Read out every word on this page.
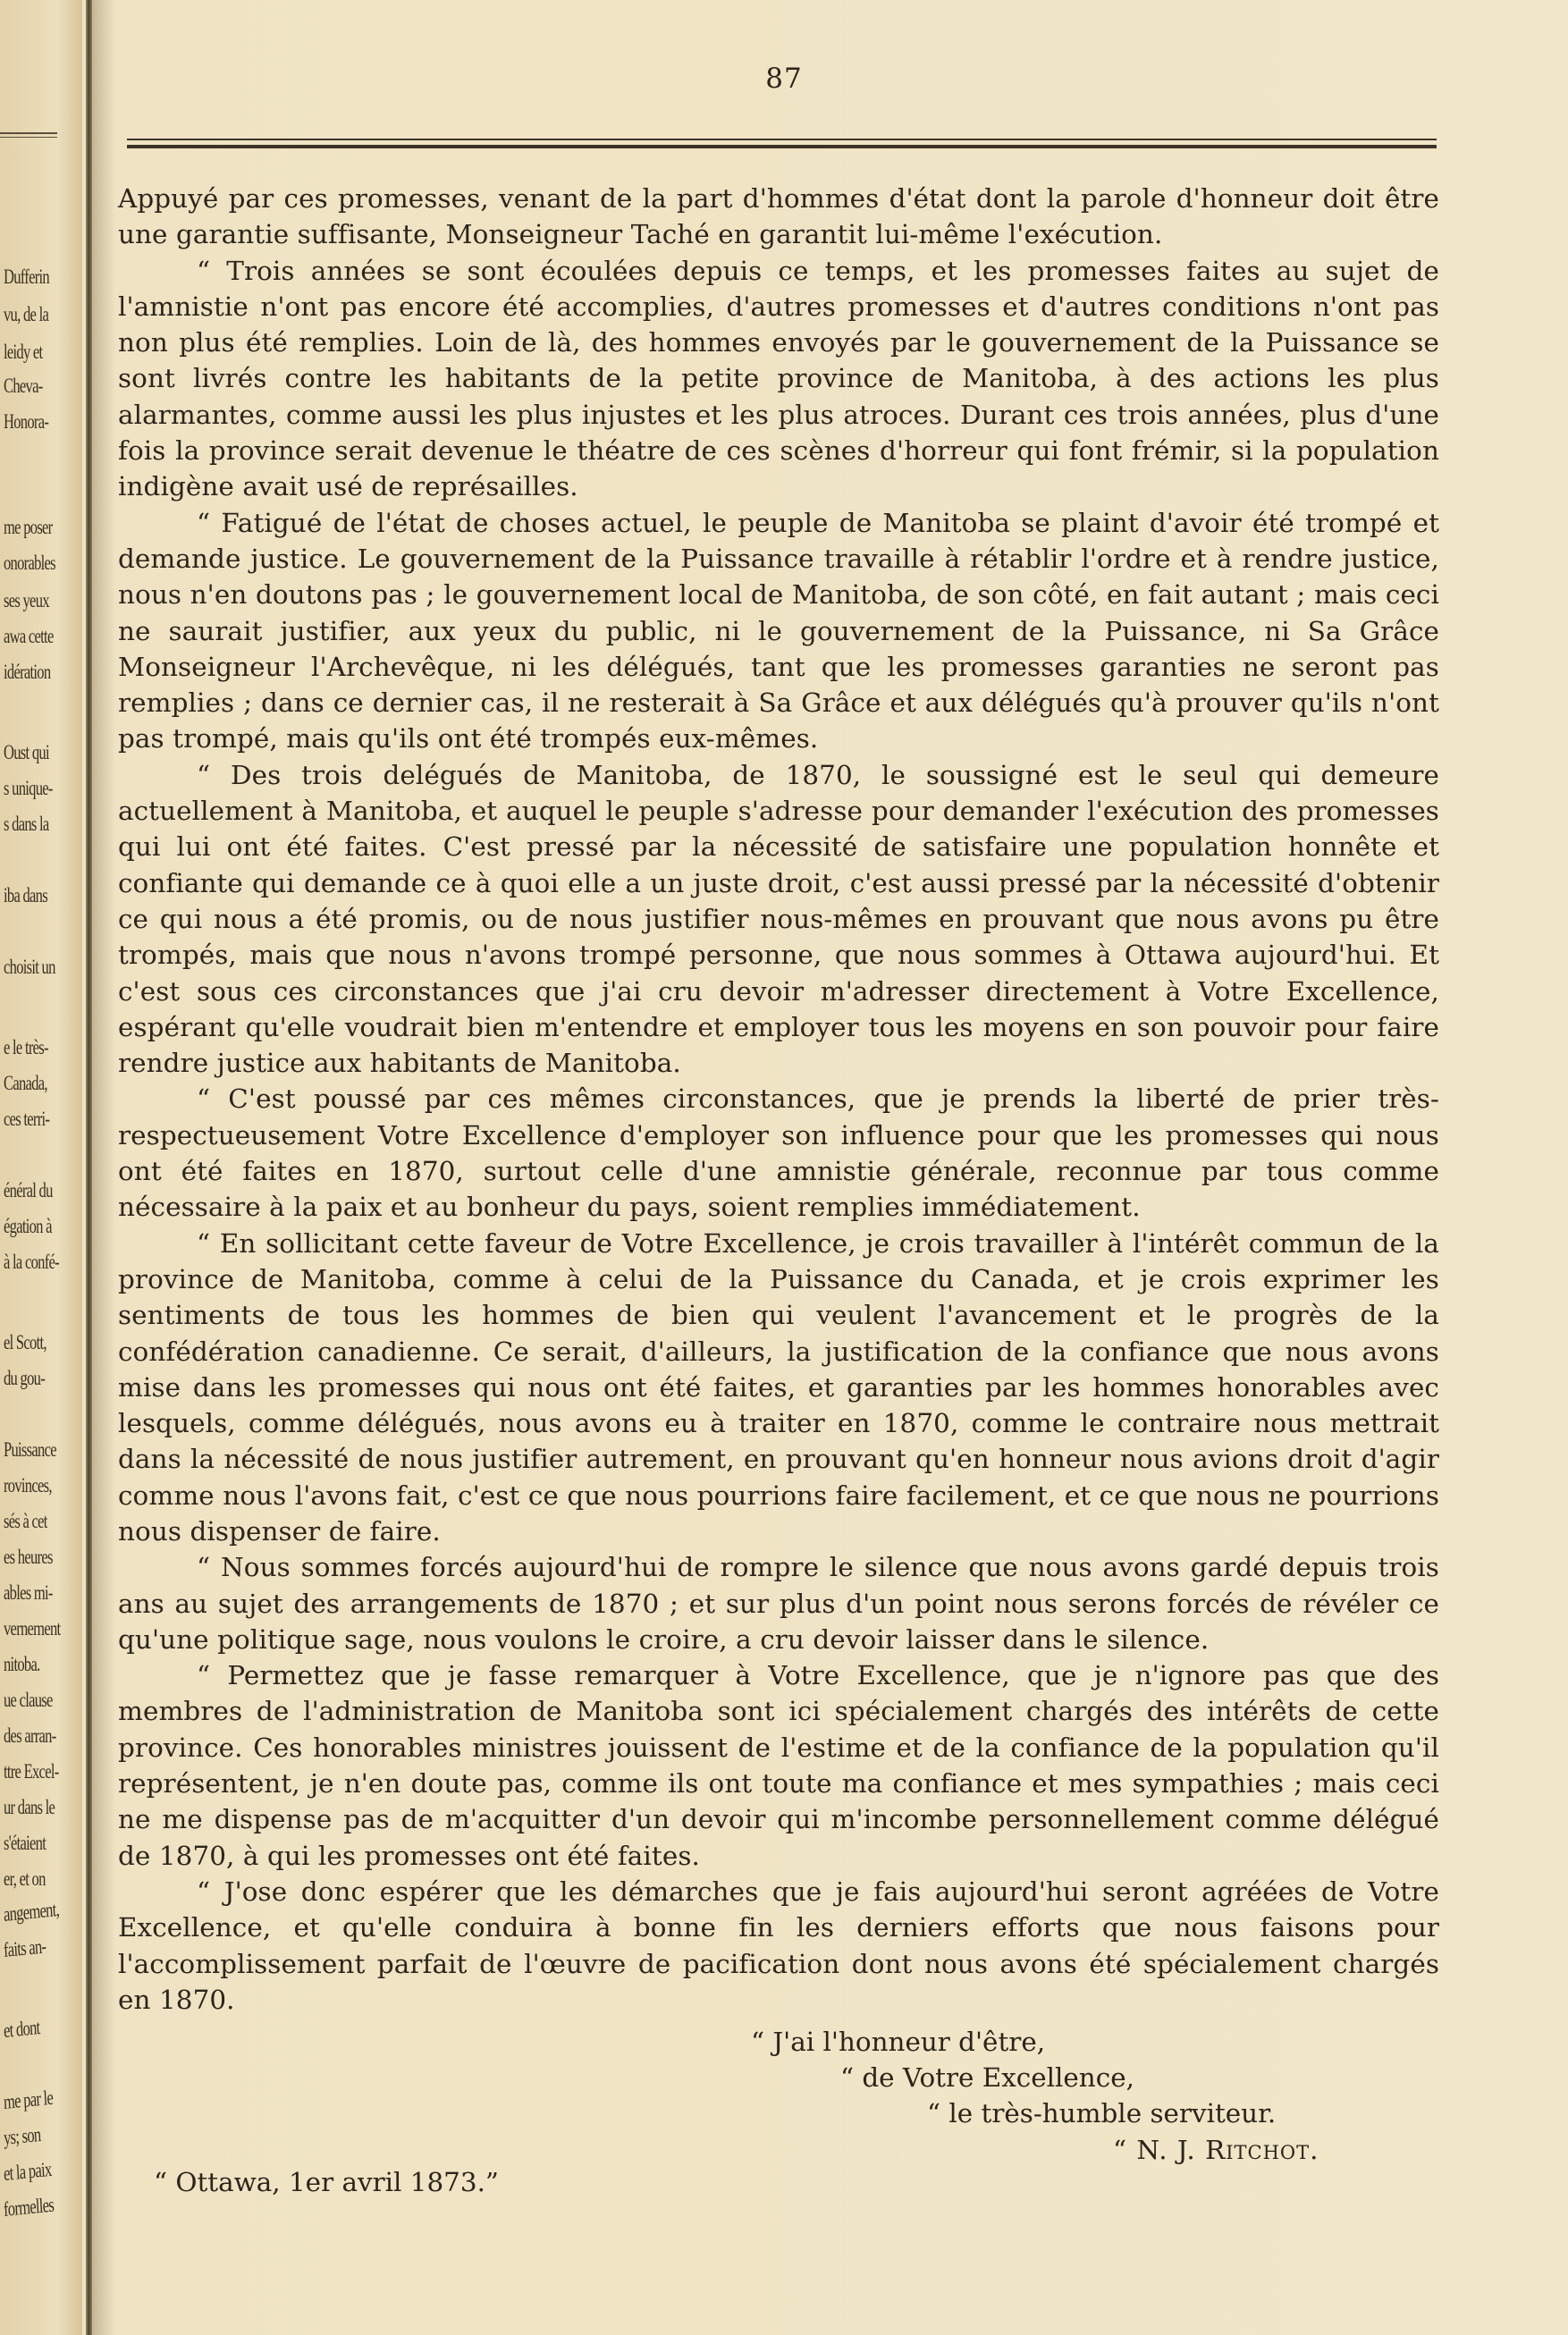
Dufferin
vu, de la
leidy et
Cheva-
Honora-
me poser
onorables
ses yeux
awa cette
idération
Oust qui
s unique-
s dans la
iba dans
choisit un
e le très-
Canada,
ces terri-
énéral du
égation à
à la confé-
el Scott,
du gou-
Puissance
rovinces,
sés à cet
es heures
ables mi-
vernement
nitoba.
ue clause
des arran-
ttre Excel-
ur dans le
s'étaient
er, et on
angement,
faits an-
et dont
me par le
ys; son
et la paix
formelles
87

Appuyé par ces promesses, venant de la part d'hommes d'état dont la parole d'honneur doit être une garantie suffisante, Monseigneur Taché en garantit lui-même l'exécution.

“ Trois années se sont écoulées depuis ce temps, et les promesses faites au sujet de l'amnistie n'ont pas encore été accomplies, d'autres promesses et d'autres conditions n'ont pas non plus été remplies. Loin de là, des hommes envoyés par le gouvernement de la Puissance se sont livrés contre les habitants de la petite province de Manitoba, à des actions les plus alarmantes, comme aussi les plus injustes et les plus atroces. Durant ces trois années, plus d'une fois la province serait devenue le théatre de ces scènes d'horreur qui font frémir, si la population indigène avait usé de représailles.

“ Fatigué de l'état de choses actuel, le peuple de Manitoba se plaint d'avoir été trompé et demande justice. Le gouvernement de la Puissance travaille à rétablir l'ordre et à rendre justice, nous n'en doutons pas ; le gouvernement local de Manitoba, de son côté, en fait autant ; mais ceci ne saurait justifier, aux yeux du public, ni le gouvernement de la Puissance, ni Sa Grâce Monseigneur l'Archevêque, ni les délégués, tant que les promesses garanties ne seront pas remplies ; dans ce dernier cas, il ne resterait à Sa Grâce et aux délégués qu'à prouver qu'ils n'ont pas trompé, mais qu'ils ont été trompés eux-mêmes.

“ Des trois delégués de Manitoba, de 1870, le soussigné est le seul qui demeure actuellement à Manitoba, et auquel le peuple s'adresse pour demander l'exécution des promesses qui lui ont été faites. C'est pressé par la nécessité de satisfaire une population honnête et confiante qui demande ce à quoi elle a un juste droit, c'est aussi pressé par la nécessité d'obtenir ce qui nous a été promis, ou de nous justifier nous-mêmes en prouvant que nous avons pu être trompés, mais que nous n'avons trompé personne, que nous sommes à Ottawa aujourd'hui. Et c'est sous ces circonstances que j'ai cru devoir m'adresser directement à Votre Excellence, espérant qu'elle voudrait bien m'entendre et employer tous les moyens en son pouvoir pour faire rendre justice aux habitants de Manitoba.

“ C'est poussé par ces mêmes circonstances, que je prends la liberté de prier très-respectueusement Votre Excellence d'employer son influence pour que les promesses qui nous ont été faites en 1870, surtout celle d'une amnistie générale, reconnue par tous comme nécessaire à la paix et au bonheur du pays, soient remplies immédiatement.

“ En sollicitant cette faveur de Votre Excellence, je crois travailler à l'intérêt commun de la province de Manitoba, comme à celui de la Puissance du Canada, et je crois exprimer les sentiments de tous les hommes de bien qui veulent l'avancement et le progrès de la confédération canadienne. Ce serait, d'ailleurs, la justification de la confiance que nous avons mise dans les promesses qui nous ont été faites, et garanties par les hommes honorables avec lesquels, comme délégués, nous avons eu à traiter en 1870, comme le contraire nous mettrait dans la nécessité de nous justifier autrement, en prouvant qu'en honneur nous avions droit d'agir comme nous l'avons fait, c'est ce que nous pourrions faire facilement, et ce que nous ne pourrions nous dispenser de faire.

“ Nous sommes forcés aujourd'hui de rompre le silence que nous avons gardé depuis trois ans au sujet des arrangements de 1870 ; et sur plus d'un point nous serons forcés de révéler ce qu'une politique sage, nous voulons le croire, a cru devoir laisser dans le silence.

“ Permettez que je fasse remarquer à Votre Excellence, que je n'ignore pas que des membres de l'administration de Manitoba sont ici spécialement chargés des intérêts de cette province. Ces honorables ministres jouissent de l'estime et de la confiance de la population qu'il représentent, je n'en doute pas, comme ils ont toute ma confiance et mes sympathies ; mais ceci ne me dispense pas de m'acquitter d'un devoir qui m'incombe personnellement comme délégué de 1870, à qui les promesses ont été faites.

“ J'ose donc espérer que les démarches que je fais aujourd'hui seront agréées de Votre Excellence, et qu'elle conduira à bonne fin les derniers efforts que nous faisons pour l'accomplissement parfait de l'œuvre de pacification dont nous avons été spécialement chargés en 1870.

“ J'ai l'honneur d'être,
“ de Votre Excellence,
“ le très-humble serviteur.
“ N. J. Ritchot.
“ Ottawa, 1er avril 1873.”
